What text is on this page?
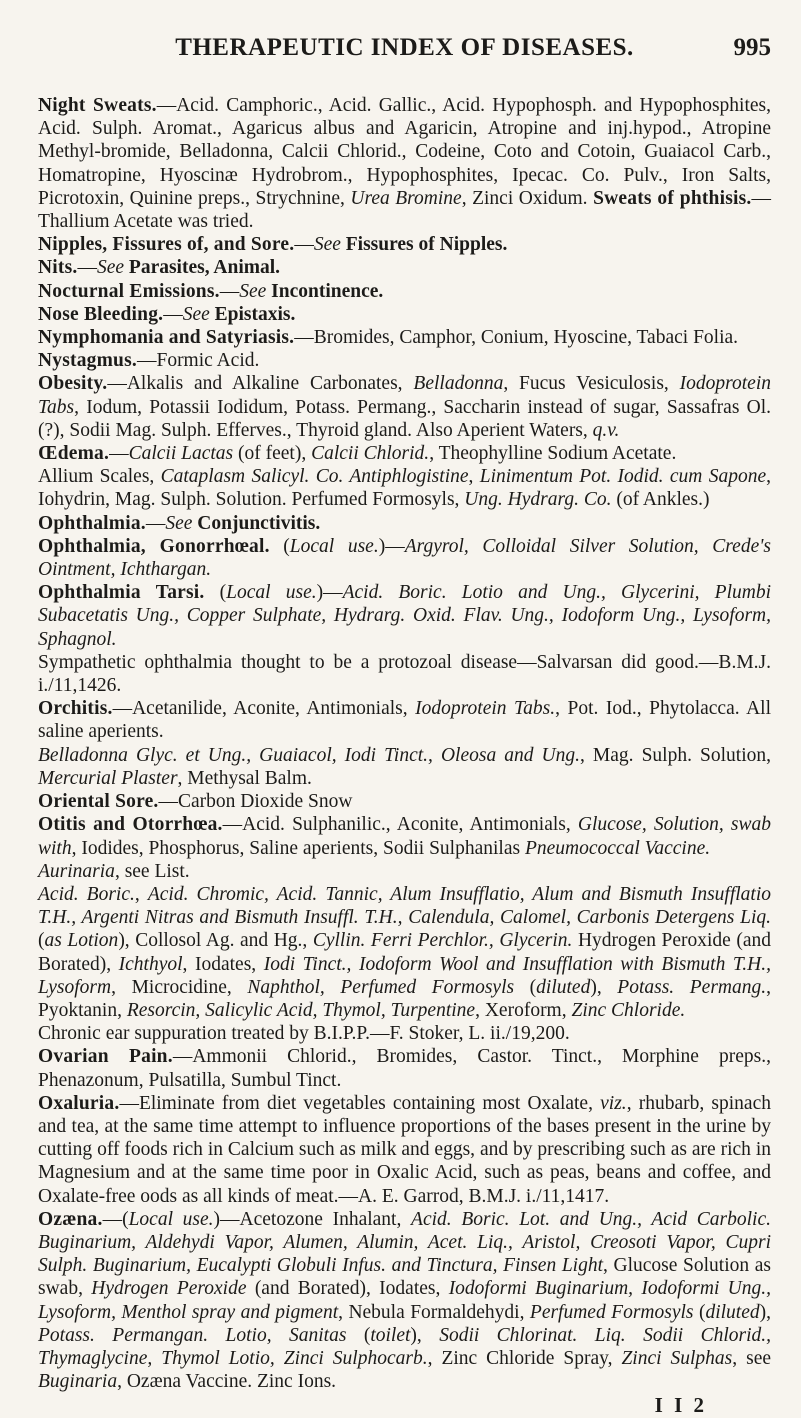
THERAPEUTIC INDEX OF DISEASES.	995

Night Sweats.—Acid. Camphoric., Acid. Gallic., Acid. Hypophosph. and Hypophosphites, Acid. Sulph. Aromat., Agaricus albus and Agaricin, Atropine and inj.hypod., Atropine Methyl-bromide, Belladonna, Calcii Chlorid., Codeine, Coto and Cotoin, Guaiacol Carb., Homatropine, Hyoscinæ Hydrobrom., Hypophosphites, Ipecac. Co. Pulv., Iron Salts, Picrotoxin, Quinine preps., Strychnine, Urea Bromine, Zinci Oxidum. Sweats of phthisis.—Thallium Acetate was tried.

Nipples, Fissures of, and Sore.—See Fissures of Nipples.

Nits.—See Parasites, Animal.

Nocturnal Emissions.—See Incontinence.

Nose Bleeding.—See Epistaxis.

Nymphomania and Satyriasis.—Bromides, Camphor, Conium, Hyoscine, Tabaci Folia.

Nystagmus.—Formic Acid.

Obesity.—Alkalis and Alkaline Carbonates, Belladonna, Fucus Vesiculosis, Iodoprotein Tabs, Iodum, Potassii Iodidum, Potass. Permang., Saccharin instead of sugar, Sassafras Ol. (?), Sodii Mag. Sulph. Efferves., Thyroid gland. Also Aperient Waters, q.v.

Œdema.—Calcii Lactas (of feet), Calcii Chlorid., Theophylline Sodium Acetate.

Allium Scales, Cataplasm Salicyl. Co. Antiphlogistine, Linimentum Pot. Iodid. cum Sapone, Iohydrin, Mag. Sulph. Solution. Perfumed Formosyls, Ung. Hydrarg. Co. (of Ankles.)

Ophthalmia.—See Conjunctivitis.

Ophthalmia, Gonorrhœal. (Local use.)—Argyrol, Colloidal Silver Solution, Crede's Ointment, Ichthargan.

Ophthalmia Tarsi. (Local use.)—Acid. Boric. Lotio and Ung., Glycerini, Plumbi Subacetatis Ung., Copper Sulphate, Hydrarg. Oxid. Flav. Ung., Iodoform Ung., Lysoform, Sphagnol.

Sympathetic ophthalmia thought to be a protozoal disease—Salvarsan did good.—B.M.J. i./11,1426.

Orchitis.—Acetanilide, Aconite, Antimonials, Iodoprotein Tabs., Pot. Iod., Phytolacca. All saline aperients.

Belladonna Glyc. et Ung., Guaiacol, Iodi Tinct., Oleosa and Ung., Mag. Sulph. Solution, Mercurial Plaster, Methysal Balm.

Oriental Sore.—Carbon Dioxide Snow

Otitis and Otorrhœa.—Acid. Sulphanilic., Aconite, Antimonials, Glucose, Solution, swab with, Iodides, Phosphorus, Saline aperients, Sodii Sulphanilas Pneumococcal Vaccine.

Aurinaria, see List.

Acid. Boric., Acid. Chromic, Acid. Tannic, Alum Insufflatio, Alum and Bismuth Insufflatio T.H., Argenti Nitras and Bismuth Insuffl. T.H., Calendula, Calomel, Carbonis Detergens Liq. (as Lotion), Collosol Ag. and Hg., Cyllin. Ferri Perchlor., Glycerin. Hydrogen Peroxide (and Borated), Ichthyol, Iodates, Iodi Tinct., Iodoform Wool and Insufflation with Bismuth T.H., Lysoform, Microcidine, Naphthol, Perfumed Formosyls (diluted), Potass. Permang., Pyoktanin, Resorcin, Salicylic Acid, Thymol, Turpentine, Xeroform, Zinc Chloride.

Chronic ear suppuration treated by B.I.P.P.—F. Stoker, L. ii./19,200.

Ovarian Pain.—Ammonii Chlorid., Bromides, Castor. Tinct., Morphine preps., Phenazonum, Pulsatilla, Sumbul Tinct.

Oxaluria.—Eliminate from diet vegetables containing most Oxalate, viz., rhubarb, spinach and tea, at the same time attempt to influence proportions of the bases present in the urine by cutting off foods rich in Calcium such as milk and eggs, and by prescribing such as are rich in Magnesium and at the same time poor in Oxalic Acid, such as peas, beans and coffee, and Oxalate-free oods as all kinds of meat.—A. E. Garrod, B.M.J. i./11,1417.

Ozæna.—(Local use.)—Acetozone Inhalant, Acid. Boric. Lot. and Ung., Acid Carbolic. Buginarium, Aldehydi Vapor, Alumen, Alumin, Acet. Liq., Aristol, Creosoti Vapor, Cupri Sulph. Buginarium, Eucalypti Globuli Infus. and Tinctura, Finsen Light, Glucose Solution as swab, Hydrogen Peroxide (and Borated), Iodates, Iodoformi Buginarium, Iodoformi Ung., Lysoform, Menthol spray and pigment, Nebula Formaldehydi, Perfumed Formosyls (diluted), Potass. Permangan. Lotio, Sanitas (toilet), Sodii Chlorinat. Liq. Sodii Chlorid., Thymaglycine, Thymol Lotio, Zinci Sulphocarb., Zinc Chloride Spray, Zinci Sulphas, see Buginaria, Ozæna Vaccine. Zinc Ions.

I I 2
